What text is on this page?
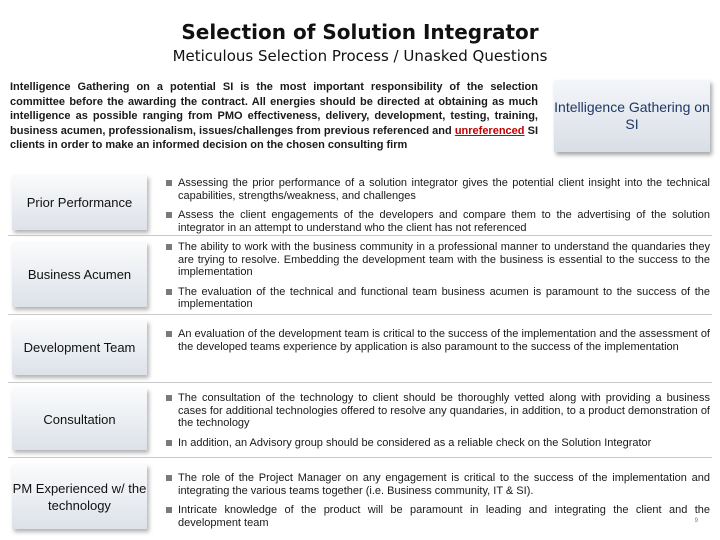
Selection of Solution Integrator
Meticulous Selection Process / Unasked Questions
Intelligence Gathering on a potential SI is the most important responsibility of the selection committee before the awarding the contract. All energies should be directed at obtaining as much intelligence as possible ranging from PMO effectiveness, delivery, development, testing, training, business acumen, professionalism, issues/challenges from previous referenced and unreferenced SI clients in order to make an informed decision on the chosen consulting firm
Intelligence Gathering on SI
Prior Performance
Assessing the prior performance of a solution integrator gives the potential client insight into the technical capabilities, strengths/weakness, and challenges
Assess the client engagements of the developers and compare them to the advertising of the solution integrator in an attempt to understand who the client has not referenced
Business Acumen
The ability to work with the business community in a professional manner to understand the quandaries they are trying to resolve. Embedding the development team with the business is essential to the success to the implementation
The evaluation of the technical and functional team business acumen is paramount to the success of the implementation
Development Team
An evaluation of the development team is critical to the success of the implementation and the assessment of the developed teams experience by application is also paramount to the success of the implementation
Consultation
The consultation of the technology to client should be thoroughly vetted along with providing a business cases for additional technologies offered to resolve any quandaries, in addition, to a product demonstration of the technology
In addition, an Advisory group should be considered as a reliable check on the Solution Integrator
PM Experienced w/ the technology
The role of the Project Manager on any engagement is critical to the success of the implementation and integrating the various teams together (i.e. Business community, IT & SI).
Intricate knowledge of the product will be paramount in leading and integrating the client and the development team	9
